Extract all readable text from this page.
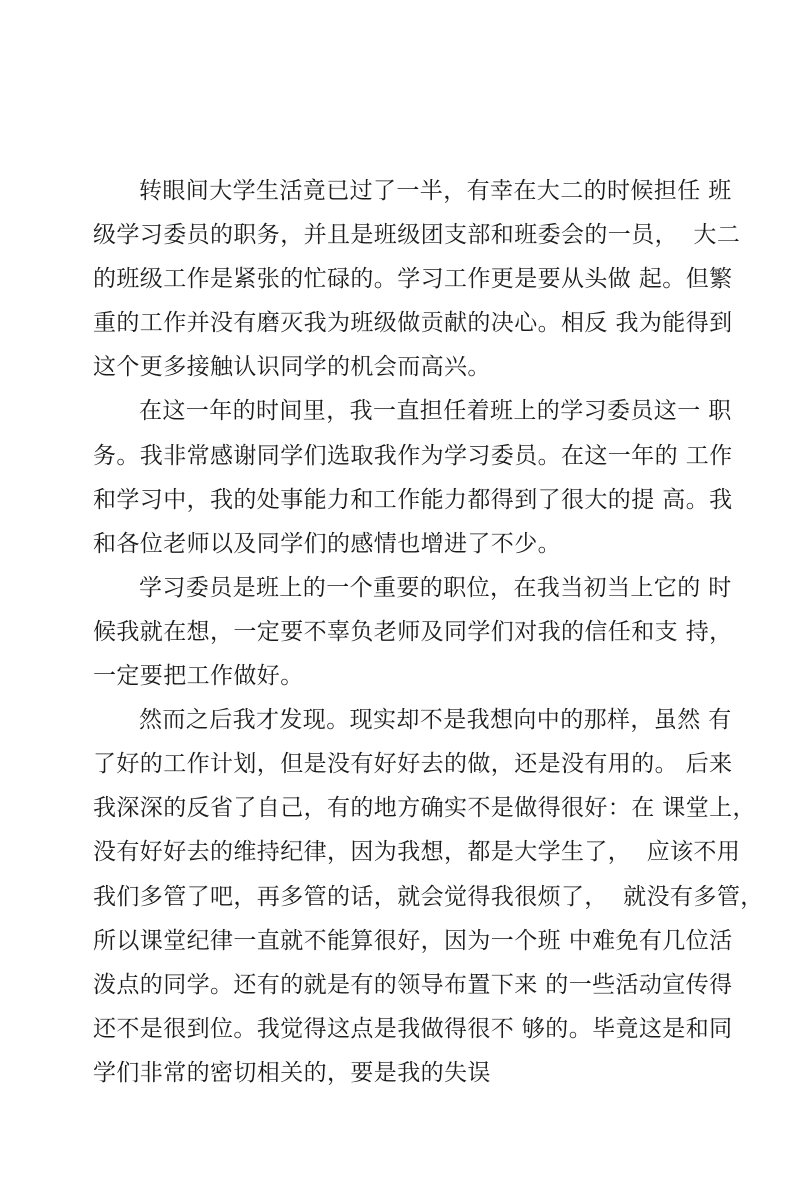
转眼间大学生活竟已过了一半，有幸在大二的时候担任 班
级学习委员的职务，并且是班级团支部和班委会的一员，  大二
的班级工作是紧张的忙碌的。学习工作更是要从头做 起。但繁
重的工作并没有磨灭我为班级做贡献的决心。相反 我为能得到
这个更多接触认识同学的机会而高兴。
在这一年的时间里，我一直担任着班上的学习委员这一 职
务。我非常感谢同学们选取我作为学习委员。在这一年的 工作
和学习中，我的处事能力和工作能力都得到了很大的提 高。我
和各位老师以及同学们的感情也增进了不少。
学习委员是班上的一个重要的职位，在我当初当上它的 时
候我就在想，一定要不辜负老师及同学们对我的信任和支 持，
一定要把工作做好。
然而之后我才发现。现实却不是我想向中的那样，虽然 有
了好的工作计划，但是没有好好去的做，还是没有用的。 后来
我深深的反省了自己，有的地方确实不是做得很好：在 课堂上，
没有好好去的维持纪律，因为我想，都是大学生了，  应该不用
我们多管了吧，再多管的话，就会觉得我很烦了，  就没有多管，
所以课堂纪律一直就不能算很好，因为一个班 中难免有几位活
泼点的同学。还有的就是有的领导布置下来 的一些活动宣传得
还不是很到位。我觉得这点是我做得很不 够的。毕竟这是和同
学们非常的密切相关的，要是我的失误
